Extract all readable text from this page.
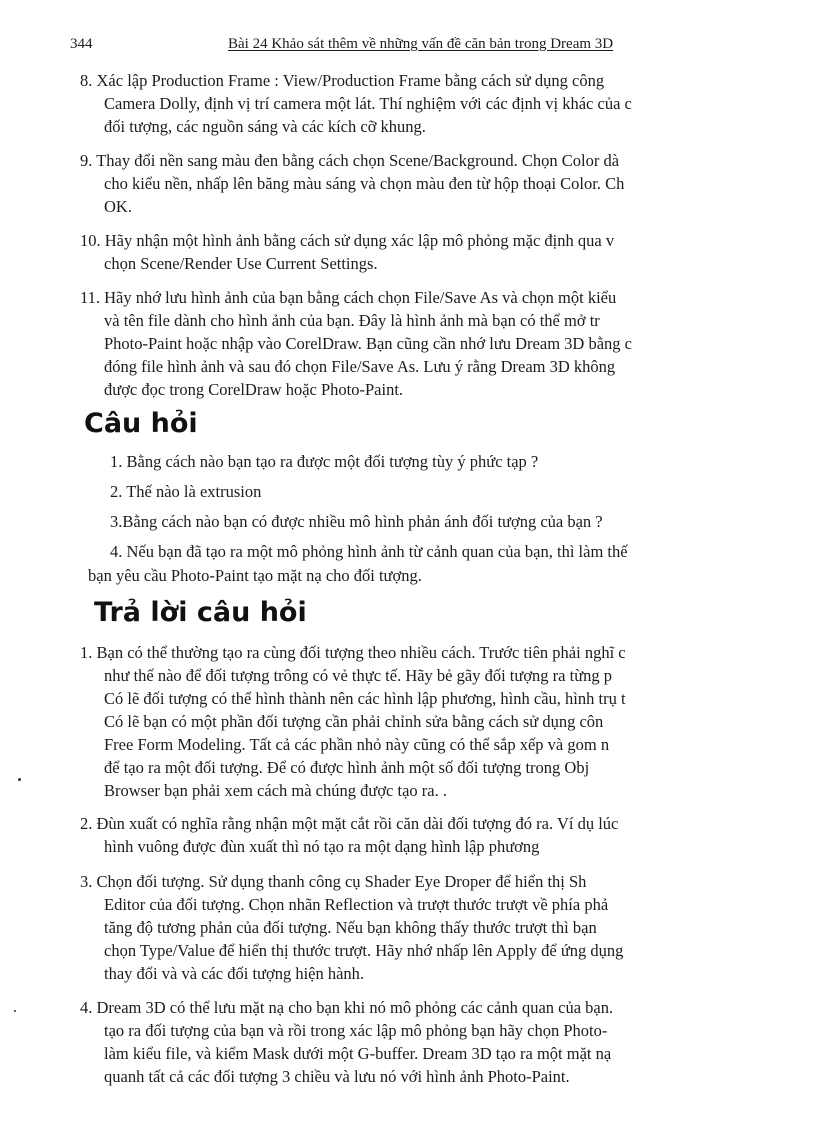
344	Bài 24 Khảo sát thêm về những vấn đề căn bản trong Dream 3D
8. Xác lập Production Frame : View/Production Frame bằng cách sử dụng công
Camera Dolly, định vị trí camera một lát. Thí nghiệm với các định vị khác của c
đối tượng, các nguồn sáng và các kích cỡ khung.
9. Thay đổi nền sang màu đen bằng cách chọn Scene/Background. Chọn Color dà
cho kiểu nền, nhấp lên băng màu sáng và chọn màu đen từ hộp thoại Color. Ch
OK.
10. Hãy nhận một hình ảnh bằng cách sử dụng xác lập mô phỏng mặc định qua v
chọn Scene/Render Use Current Settings.
11. Hãy nhớ lưu hình ảnh của bạn bằng cách chọn File/Save As và chọn một kiểu
và tên file dành cho hình ảnh của bạn. Đây là hình ảnh mà bạn có thể mở tr
Photo-Paint hoặc nhập vào CorelDraw. Bạn cũng cần nhớ lưu Dream 3D bằng c
đóng file hình ảnh và sau đó chọn File/Save As. Lưu ý rằng Dream 3D không
được đọc trong CorelDraw hoặc Photo-Paint.
Câu hỏi
1. Bằng cách nào bạn tạo ra được một đối tượng tùy ý phức tạp ?
2. Thế nào là extrusion
3.Bằng cách nào bạn có được nhiều mô hình phản ánh đối tượng của bạn ?
4. Nếu bạn đã tạo ra một mô phỏng hình ảnh từ cảnh quan của bạn, thì làm thế
bạn yêu cầu Photo-Paint tạo mặt nạ cho đối tượng.
Trả lời câu hỏi
1. Bạn có thể thường tạo ra cùng đối tượng theo nhiều cách. Trước tiên phải nghĩ c
như thế nào để đối tượng trông có vẻ thực tế. Hãy bẻ gãy đối tượng ra từng p
Có lẽ đối tượng có thể hình thành nên các hình lập phương, hình cầu, hình trụ t
Có lẽ bạn có một phần đối tượng cần phải chỉnh sửa bằng cách sử dụng côn
Free Form Modeling. Tất cả các phần nhỏ này cũng có thể sắp xếp và gom n
để tạo ra một đối tượng. Để có được hình ảnh một số đối tượng trong Obj
Browser bạn phải xem cách mà chúng được tạo ra. .
2. Đùn xuất có nghĩa rằng nhận một mặt cắt rồi căn dài đối tượng đó ra. Ví dụ lúc
hình vuông được đùn xuất thì nó tạo ra một dạng hình lập phương
3. Chọn đối tượng. Sử dụng thanh công cụ Shader Eye Droper để hiển thị Sh
Editor của đối tượng. Chọn nhãn Reflection và trượt thước trượt về phía phả
tăng độ tương phản của đối tượng. Nếu bạn không thấy thước trượt thì bạn
chọn Type/Value để hiển thị thước trượt. Hãy nhớ nhấp lên Apply để ứng dụng
thay đổi và và các đối tượng hiện hành.
4. Dream 3D có thể lưu mặt nạ cho bạn khi nó mô phỏng các cảnh quan của bạn.
tạo ra đối tượng của bạn và rồi trong xác lập mô phỏng bạn hãy chọn Photo-
làm kiểu file, và kiểm Mask dưới một G-buffer. Dream 3D tạo ra một mặt nạ
quanh tất cả các đối tượng 3 chiều và lưu nó với hình ảnh Photo-Paint.
